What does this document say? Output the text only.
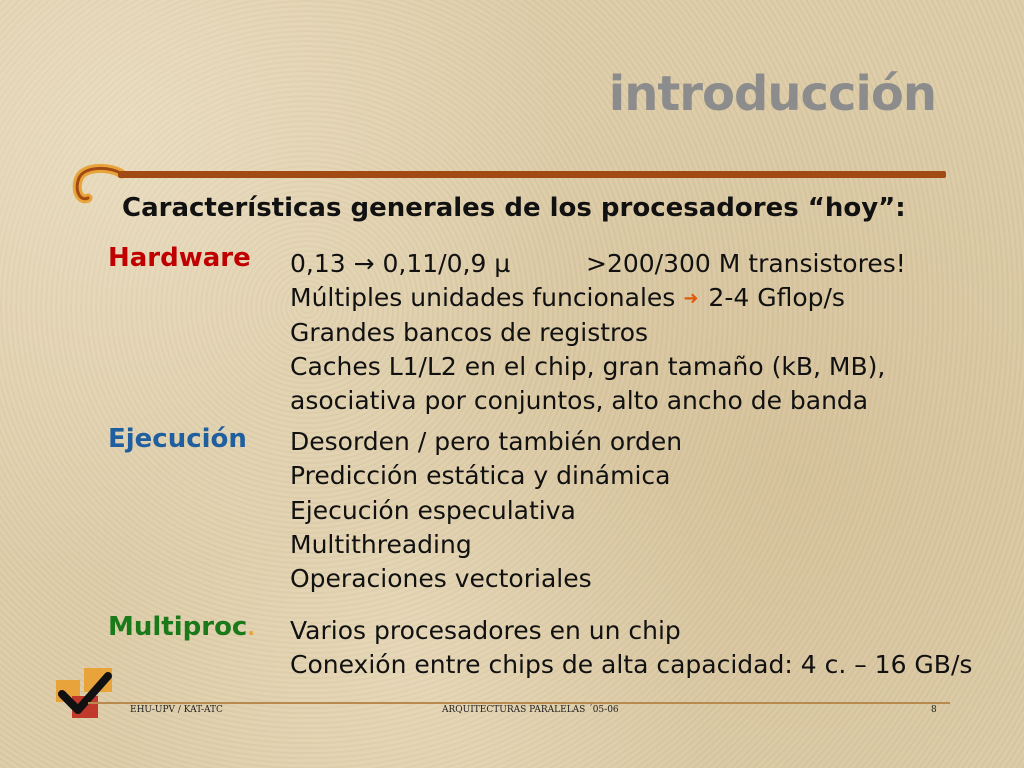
introducción
Características generales de los procesadores “hoy”:
Hardware 0,13 → 0,11/0,9 µ	>200/300 M transistores!
Múltiples unidades funcionales ➜ 2-4 Gflop/s
Grandes bancos de registros
Caches L1/L2 en el chip, gran tamaño (kB, MB),
asociativa por conjuntos, alto ancho de banda
Ejecución Desorden / pero también orden
Predicción estática y dinámica
Ejecución especulativa
Multithreading
Operaciones vectoriales
Multiproc. Varios procesadores en un chip
Conexión entre chips de alta capacidad: 4 c. – 16 GB/s
EHU-UPV / KAT-ATC	ARQUITECTURAS PARALELAS ´05-06	8
